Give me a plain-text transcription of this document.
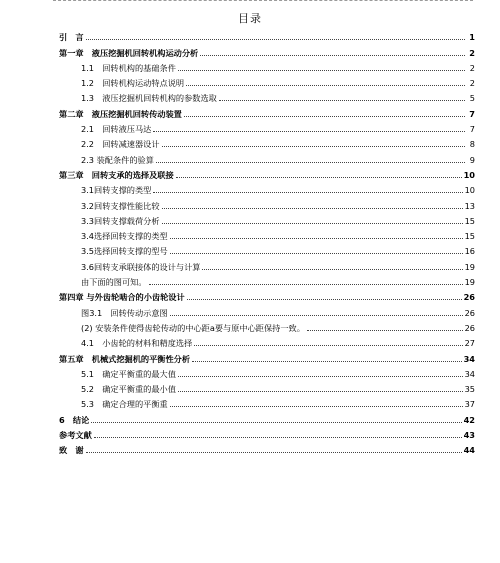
目录
引　言	1
第一章　液压挖掘机回转机构运动分析	2
1.1　回转机构的基础条件	2
1.2　回转机构运动特点说明	2
1.3　液压挖掘机回转机构的参数选取	5
第二章　液压挖掘机回转传动装置	7
2.1　回转液压马达	7
2.2　回转减速器设计	8
2.3 装配条件的验算	9
第三章　回转支承的选择及联接	10
3.1回转支撑的类型	10
3.2回转支撑性能比较	13
3.3回转支撑载荷分析	15
3.4选择回转支撑的类型	15
3.5选择回转支撑的型号	16
3.6回转支承联接体的设计与计算	19
由下面的图可知。	19
第四章 与外齿轮啮合的小齿轮设计	26
图3.1　回转传动示意图	26
(2) 安装条件使得齿轮传动的中心距a要与原中心距保持一致。	26
4.1　小齿轮的材料和精度选择	27
第五章　机械式挖掘机的平衡性分析	34
5.1　确定平衡重的最大值	34
5.2　确定平衡重的最小值	35
5.3　确定合理的平衡重	37
6　结论	42
参考文献	43
致　谢	44
